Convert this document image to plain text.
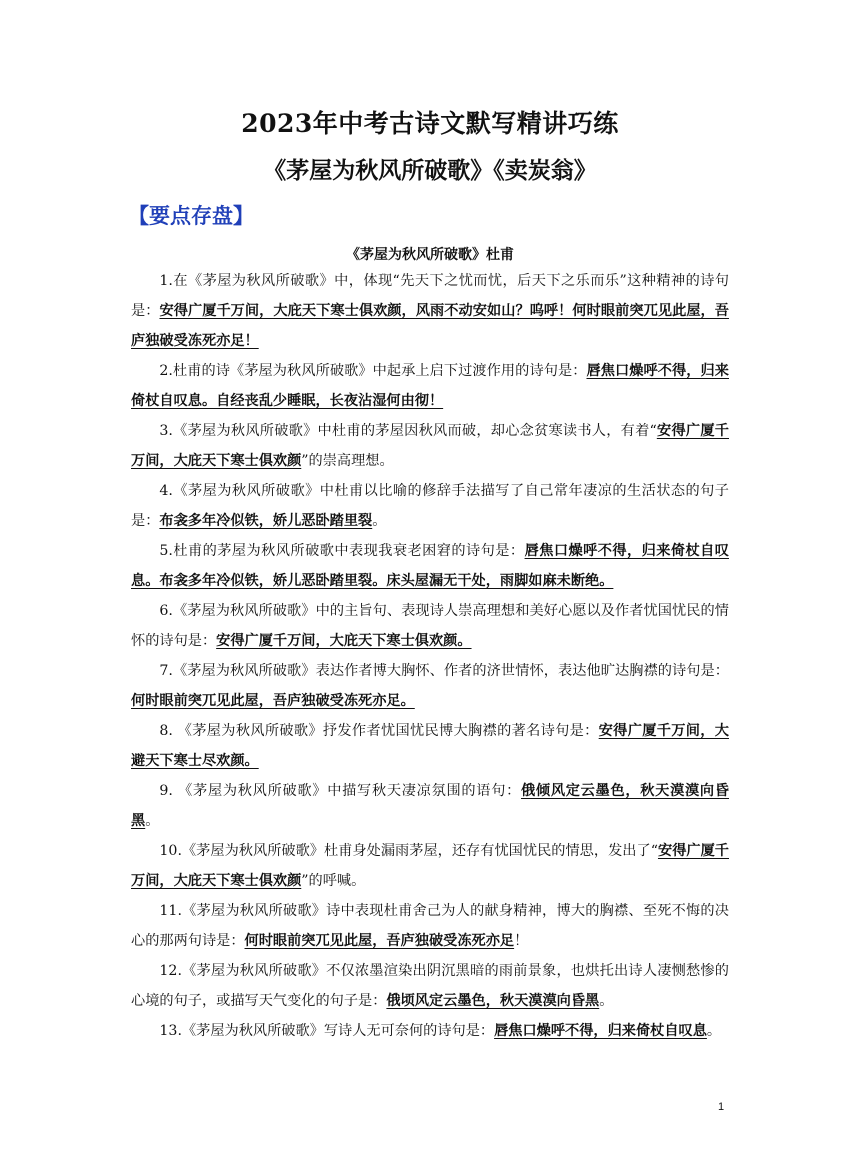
2023年中考古诗文默写精讲巧练
《茅屋为秋风所破歌》《卖炭翁》
【要点存盘】
《茅屋为秋风所破歌》杜甫

1.在《茅屋为秋风所破歌》中，体现“先天下之忧而忧，后天下之乐而乐”这种精神的诗句是：安得广厦千万间，大庇天下寒士俱欢颜，风雨不动安如山？呜呼！何时眼前突兀见此屋，吾庐独破受冻死亦足！

2.杜甫的诗《茅屋为秋风所破歌》中起承上启下过渡作用的诗句是：唇焦口燥呼不得，归来倚杖自叹息。自经丧乱少睡眠，长夜沾湿何由彻！

3.《茅屋为秋风所破歌》中杜甫的茅屋因秋风而破，却心念贫寒读书人，有着“安得广厦千万间，大庇天下寒士俱欢颜”的崇高理想。

4.《茅屋为秋风所破歌》中杜甫以比喻的修辞手法描写了自己常年凄凉的生活状态的句子是：布衾多年冷似铁，娇儿恶卧踏里裂。

5.杜甫的茅屋为秋风所破歌中表现我衰老困窘的诗句是：唇焦口燥呼不得，归来倚杖自叹息。布衾多年冷似铁，娇儿恶卧踏里裂。床头屋漏无干处，雨脚如麻未断绝。

6.《茅屋为秋风所破歌》中的主旨句、表现诗人崇高理想和美好心愿以及作者忧国忧民的情怀的诗句是：安得广厦千万间，大庇天下寒士俱欢颜。

7.《茅屋为秋风所破歌》表达作者博大胸怀、作者的济世情怀，表达他旷达胸襟的诗句是：何时眼前突兀见此屋，吾庐独破受冻死亦足。

8. 《茅屋为秋风所破歌》抒发作者忧国忧民博大胸襟的著名诗句是：安得广厦千万间，大避天下寒士尽欢颜。

9. 《茅屋为秋风所破歌》中描写秋天凄凉氛围的语句：俄倾风定云墨色，秋天漠漠向昏黑。

10.《茅屋为秋风所破歌》杜甫身处漏雨茅屋，还存有忧国忧民的情思，发出了“安得广厦千万间，大庇天下寒士俱欢颜”的呼喊。

11.《茅屋为秋风所破歌》诗中表现杜甫舍己为人的献身精神，博大的胸襟、至死不悔的决心的那两句诗是：何时眼前突兀见此屋，吾庐独破受冻死亦足！

12.《茅屋为秋风所破歌》不仅浓墨渲染出阴沉黑暗的雨前景象，也烘托出诗人凄恻愁惨的心境的句子，或描写天气变化的句子是：俄顷风定云墨色，秋天漠漠向昏黑。

13.《茅屋为秋风所破歌》写诗人无可奈何的诗句是：唇焦口燥呼不得，归来倚杖自叹息。

1
